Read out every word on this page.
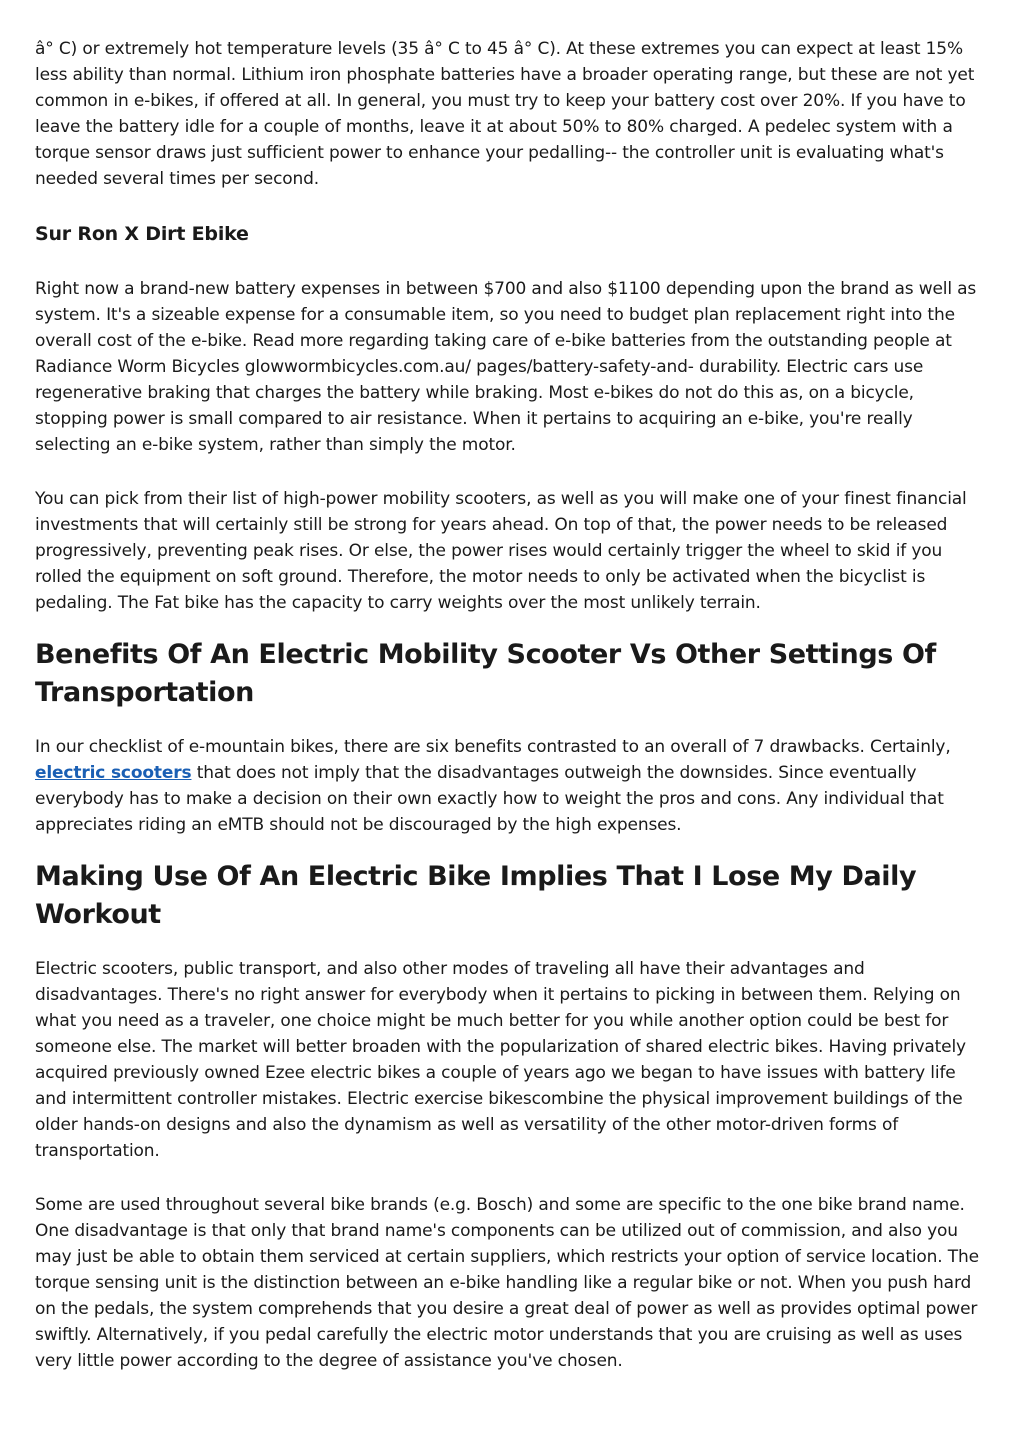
â° C) or extremely hot temperature levels (35 â° C to 45 â° C). At these extremes you can expect at least 15% less ability than normal. Lithium iron phosphate batteries have a broader operating range, but these are not yet common in e-bikes, if offered at all. In general, you must try to keep your battery cost over 20%. If you have to leave the battery idle for a couple of months, leave it at about 50% to 80% charged. A pedelec system with a torque sensor draws just sufficient power to enhance your pedalling-- the controller unit is evaluating what's needed several times per second.

Sur Ron X Dirt Ebike

Right now a brand-new battery expenses in between $700 and also $1100 depending upon the brand as well as system. It's a sizeable expense for a consumable item, so you need to budget plan replacement right into the overall cost of the e-bike. Read more regarding taking care of e-bike batteries from the outstanding people at Radiance Worm Bicycles glowwormbicycles.com.au/ pages/battery-safety-and- durability. Electric cars use regenerative braking that charges the battery while braking. Most e-bikes do not do this as, on a bicycle, stopping power is small compared to air resistance. When it pertains to acquiring an e-bike, you're really selecting an e-bike system, rather than simply the motor.

You can pick from their list of high-power mobility scooters, as well as you will make one of your finest financial investments that will certainly still be strong for years ahead. On top of that, the power needs to be released progressively, preventing peak rises. Or else, the power rises would certainly trigger the wheel to skid if you rolled the equipment on soft ground. Therefore, the motor needs to only be activated when the bicyclist is pedaling. The Fat bike has the capacity to carry weights over the most unlikely terrain.

Benefits Of An Electric Mobility Scooter Vs Other Settings Of Transportation

In our checklist of e-mountain bikes, there are six benefits contrasted to an overall of 7 drawbacks. Certainly, electric scooters that does not imply that the disadvantages outweigh the downsides. Since eventually everybody has to make a decision on their own exactly how to weight the pros and cons. Any individual that appreciates riding an eMTB should not be discouraged by the high expenses.

Making Use Of An Electric Bike Implies That I Lose My Daily Workout

Electric scooters, public transport, and also other modes of traveling all have their advantages and disadvantages. There's no right answer for everybody when it pertains to picking in between them. Relying on what you need as a traveler, one choice might be much better for you while another option could be best for someone else. The market will better broaden with the popularization of shared electric bikes. Having privately acquired previously owned Ezee electric bikes a couple of years ago we began to have issues with battery life and intermittent controller mistakes. Electric exercise bikescombine the physical improvement buildings of the older hands-on designs and also the dynamism as well as versatility of the other motor-driven forms of transportation.

Some are used throughout several bike brands (e.g. Bosch) and some are specific to the one bike brand name. One disadvantage is that only that brand name's components can be utilized out of commission, and also you may just be able to obtain them serviced at certain suppliers, which restricts your option of service location. The torque sensing unit is the distinction between an e-bike handling like a regular bike or not. When you push hard on the pedals, the system comprehends that you desire a great deal of power as well as provides optimal power swiftly. Alternatively, if you pedal carefully the electric motor understands that you are cruising as well as uses very little power according to the degree of assistance you've chosen.
